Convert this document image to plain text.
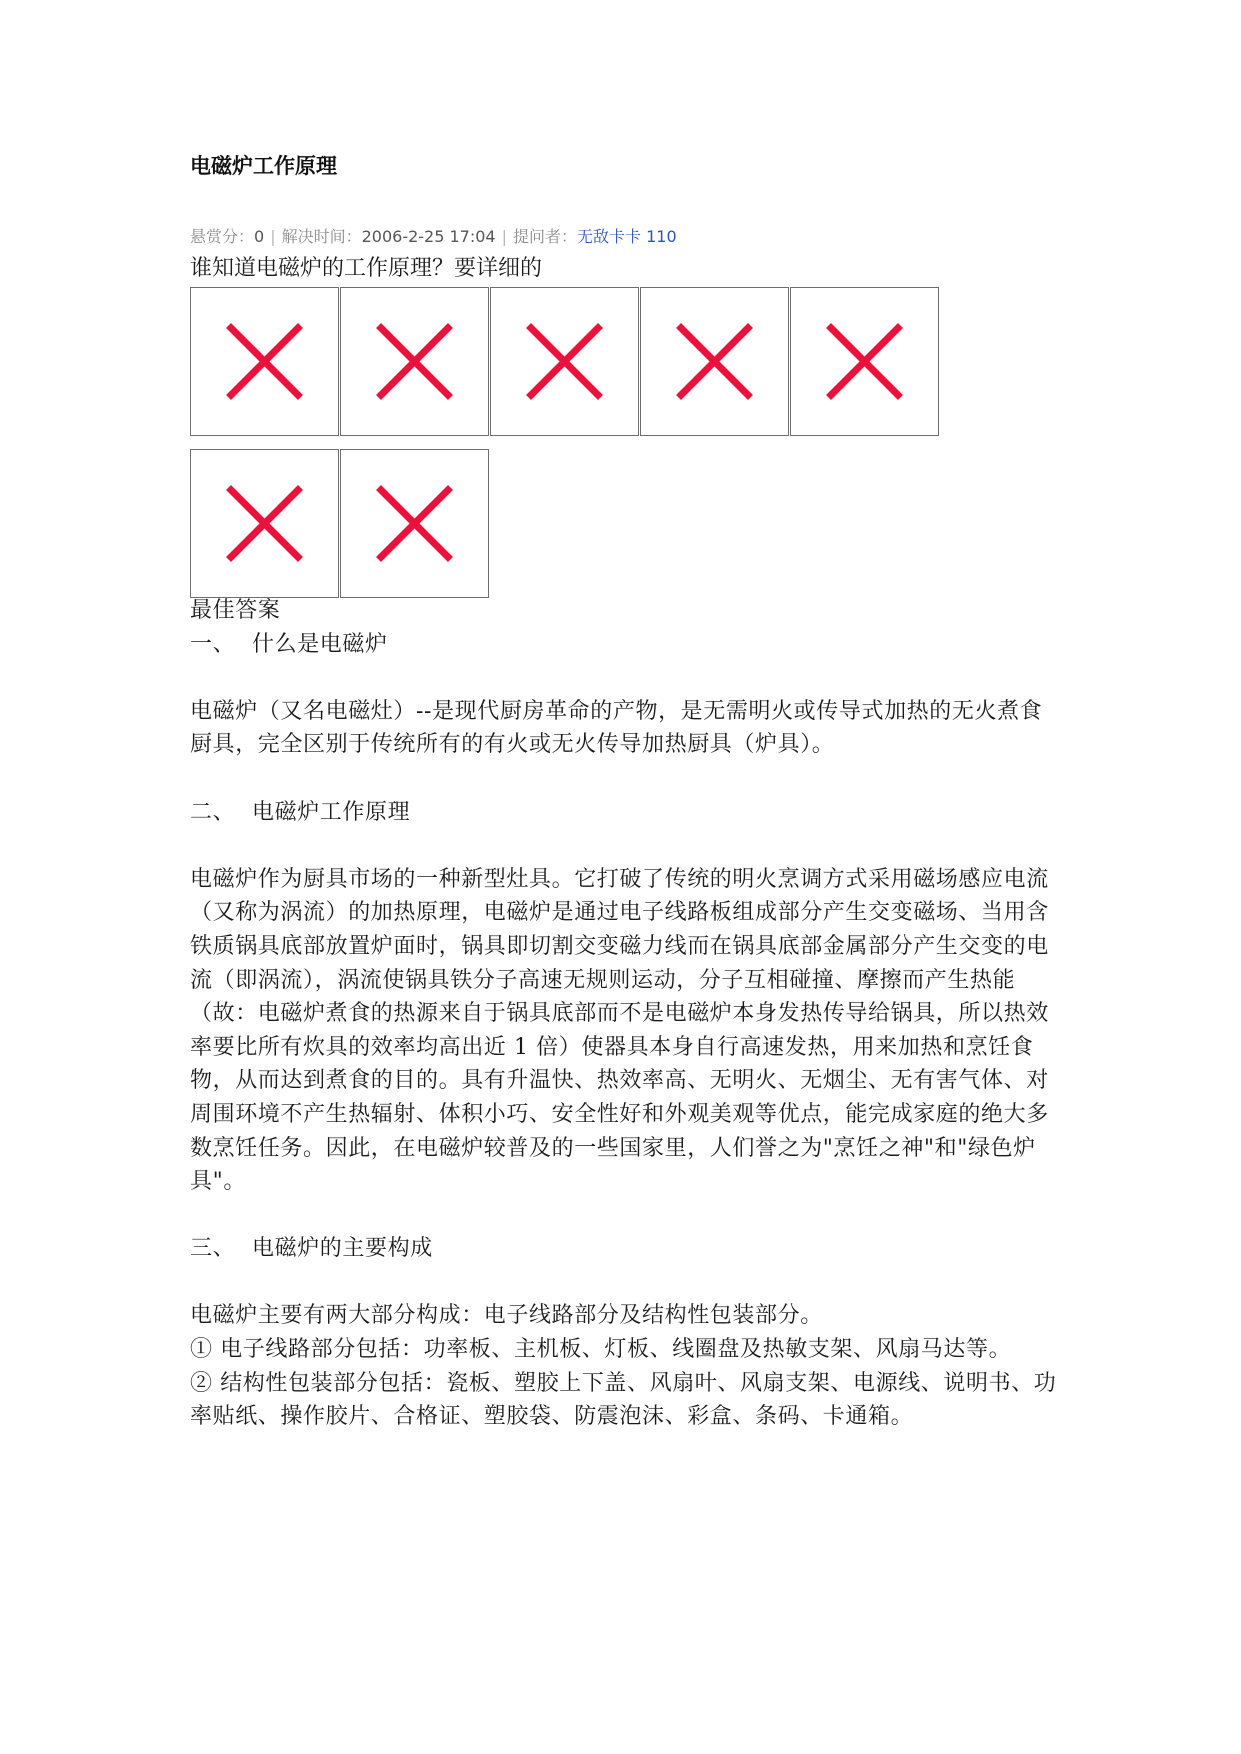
电磁炉工作原理
悬赏分：0 | 解决时间：2006-2-25 17:04 | 提问者：无敌卡卡 110
谁知道电磁炉的工作原理？要详细的

最佳答案

一、 什么是电磁炉

电磁炉（又名电磁灶）--是现代厨房革命的产物，是无需明火或传导式加热的无火煮食厨具，完全区别于传统所有的有火或无火传导加热厨具（炉具）。

二、 电磁炉工作原理

电磁炉作为厨具市场的一种新型灶具。它打破了传统的明火烹调方式采用磁场感应电流（又称为涡流）的加热原理，电磁炉是通过电子线路板组成部分产生交变磁场、当用含铁质锅具底部放置炉面时，锅具即切割交变磁力线而在锅具底部金属部分产生交变的电流（即涡流），涡流使锅具铁分子高速无规则运动，分子互相碰撞、摩擦而产生热能（故：电磁炉煮食的热源来自于锅具底部而不是电磁炉本身发热传导给锅具，所以热效率要比所有炊具的效率均高出近 1 倍）使器具本身自行高速发热，用来加热和烹饪食物，从而达到煮食的目的。具有升温快、热效率高、无明火、无烟尘、无有害气体、对周围环境不产生热辐射、体积小巧、安全性好和外观美观等优点，能完成家庭的绝大多数烹饪任务。因此，在电磁炉较普及的一些国家里，人们誉之为"烹饪之神"和"绿色炉具"。

三、 电磁炉的主要构成

电磁炉主要有两大部分构成：电子线路部分及结构性包装部分。

① 电子线路部分包括：功率板、主机板、灯板、线圈盘及热敏支架、风扇马达等。

② 结构性包装部分包括：瓷板、塑胶上下盖、风扇叶、风扇支架、电源线、说明书、功率贴纸、操作胶片、合格证、塑胶袋、防震泡沫、彩盒、条码、卡通箱。
